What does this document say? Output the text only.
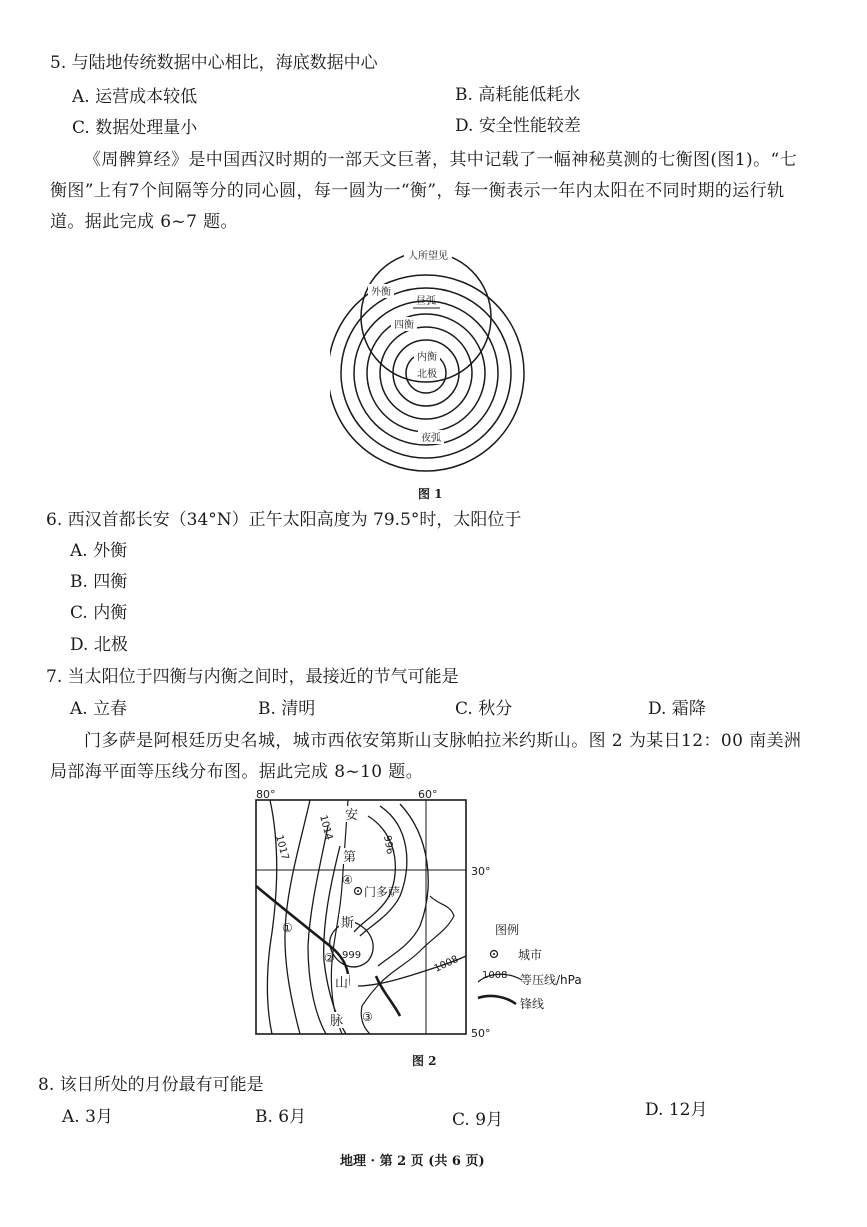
5. 与陆地传统数据中心相比，海底数据中心
A. 运营成本较低	B. 高耗能低耗水
C. 数据处理量小	D. 安全性能较差
《周髀算经》是中国西汉时期的一部天文巨著，其中记载了一幅神秘莫测的七衡图(图1)。“七衡图”上有7个间隔等分的同心圆，每一圆为一“衡”，每一衡表示一年内太阳在不同时期的运行轨道。据此完成 6~7 题。
人所望见
外衡
昼弧
四衡
内衡
北极
夜弧
图 1
6. 西汉首都长安（34°N）正午太阳高度为 79.5°时，太阳位于
A. 外衡
B. 四衡
C. 内衡
D. 北极
7. 当太阳位于四衡与内衡之间时，最接近的节气可能是
A. 立春	B. 清明	C. 秋分	D. 霜降
门多萨是阿根廷历史名城，城市西依安第斯山支脉帕拉米约斯山。图 2 为某日12：00 南美洲局部海平面等压线分布图。据此完成 8~10 题。
80°	60°
30°
50°
1014
1017	996
999	1008
安
第
斯
山
脉
门多萨
①
②
③
④
图例
城市
1008 等压线/hPa
锋线
图 2
8. 该日所处的月份最有可能是
A. 3月	B. 6月	C. 9月	D. 12月
地理 · 第 2 页 (共 6 页)
